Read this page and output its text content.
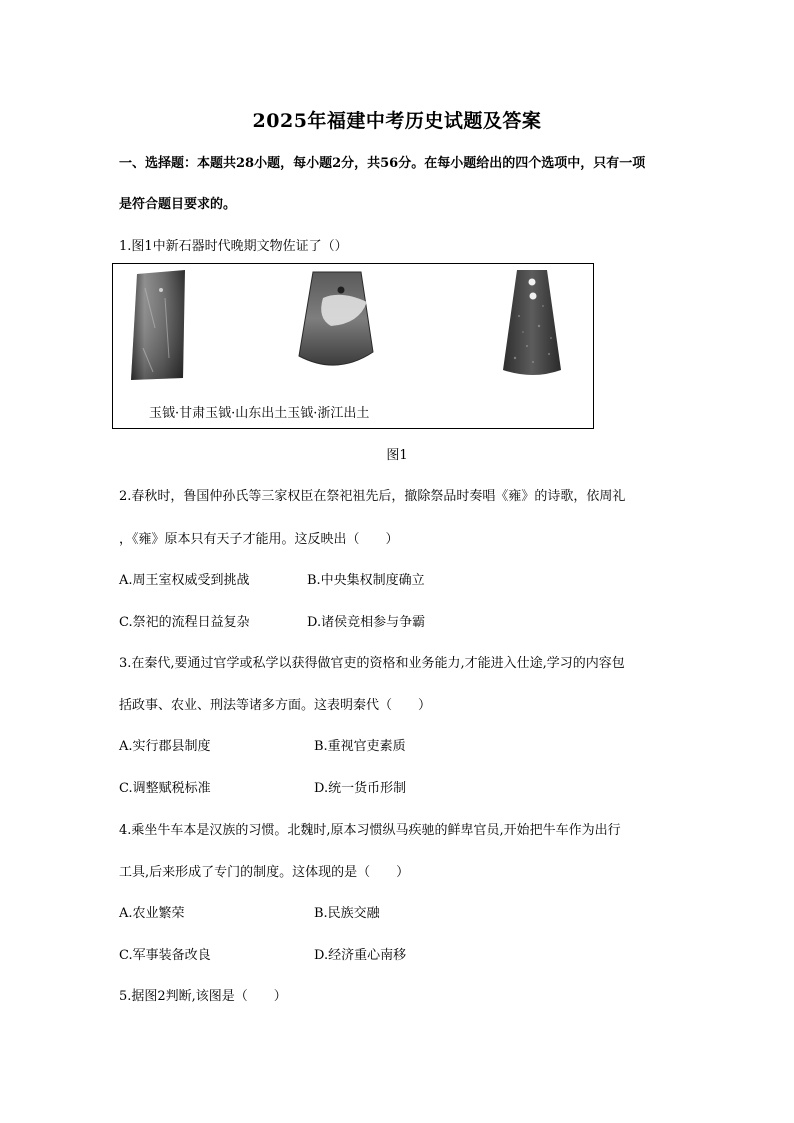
2025年福建中考历史试题及答案
一、选择题：本题共28小题，每小题2分，共56分。在每小题给出的四个选项中，只有一项
是符合题目要求的。
1.图1中新石器时代晚期文物佐证了（）
玉钺·甘肃玉钺·山东出土玉钺·浙江出土
图1
2.春秋时，鲁国仲孙氏等三家权臣在祭祀祖先后，撤除祭品时奏唱《雍》的诗歌，依周礼
，《雍》原本只有天子才能用。这反映出（　　）
A.周王室权威受到挑战	B.中央集权制度确立
C.祭祀的流程日益复杂	D.诸侯竞相参与争霸
3.在秦代,要通过官学或私学以获得做官吏的资格和业务能力,才能进入仕途,学习的内容包
括政事、农业、刑法等诸多方面。这表明秦代（　　）
A.实行郡县制度	B.重视官吏素质
C.调整赋税标准	D.统一货币形制
4.乘坐牛车本是汉族的习惯。北魏时,原本习惯纵马疾驰的鲜卑官员,开始把牛车作为出行
工具,后来形成了专门的制度。这体现的是（　　）
A.农业繁荣	B.民族交融
C.军事装备改良	D.经济重心南移
5.据图2判断,该图是（　　）
